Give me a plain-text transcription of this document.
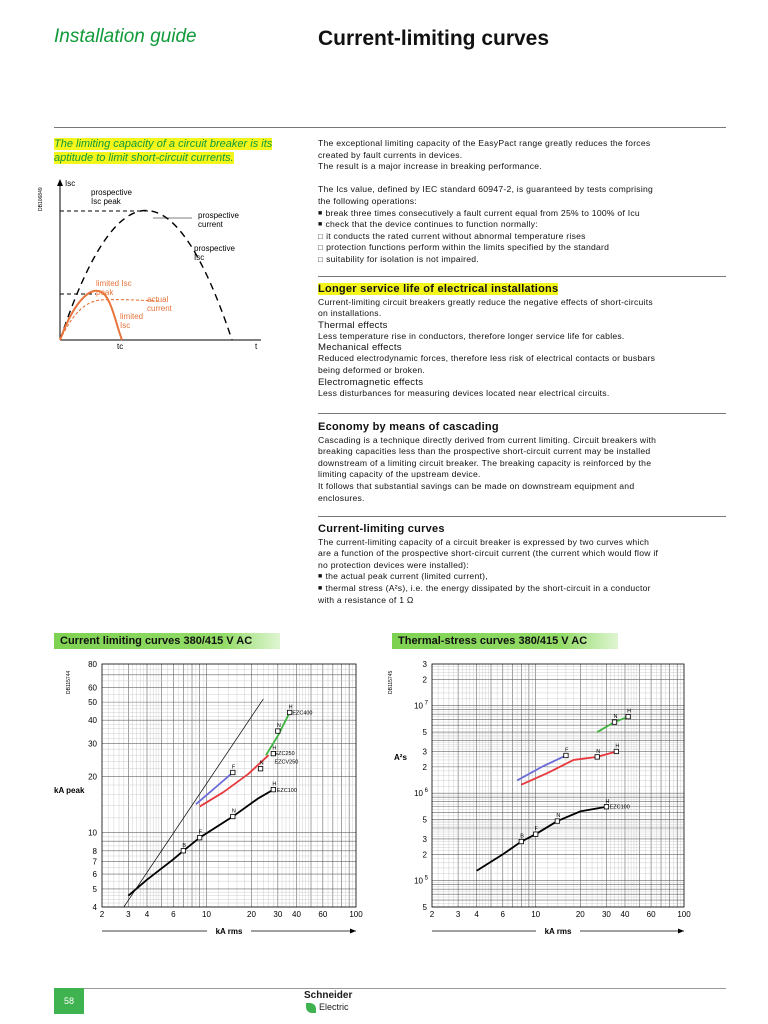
Installation guide	Current-limiting curves
The limiting capacity of a circuit breaker is its aptitude to limit short-circuit currents.

The exceptional limiting capacity of the EasyPact range greatly reduces the forces

created by fault currents in devices.

The result is a major increase in breaking performance.

The Ics value, defined by IEC standard 60947-2, is guaranteed by tests comprising

the following operations:

■ break three times consecutively a fault current equal from 25% to 100% of Icu

■ check that the device continues to function normally:

□ it conducts the rated current without abnormal temperature rises

□ protection functions perform within the limits specified by the standard

□ suitability for isolation is not impaired.

DB106849
Isc
prospective
Isc peak
prospective
current
prospective
Isc
limited Isc
peak
actual
current
limited
Isc
tc	t
Longer service life of electrical installations

Current-limiting circuit breakers greatly reduce the negative effects of short-circuits

on installations.

Thermal effects

Less temperature rise in conductors, therefore longer service life for cables.

Mechanical effects

Reduced electrodynamic forces, therefore less risk of electrical contacts or busbars

being deformed or broken.

Electromagnetic effects

Less disturbances for measuring devices located near electrical circuits.

Economy by means of cascading

Cascading is a technique directly derived from current limiting. Circuit breakers with

breaking capacities less than the prospective short-circuit current may be installed

downstream of a limiting circuit breaker. The breaking capacity is reinforced by the

limiting capacity of the upstream device.

It follows that substantial savings can be made on downstream equipment and

enclosures.

Current-limiting curves

The current-limiting capacity of a circuit breaker is expressed by two curves which

are a function of the prospective short-circuit current (the current which would flow if

no protection devices were installed):

■ the actual peak current (limited current),

■ thermal stress (A²s), i.e. the energy dissipated by the short-circuit in a conductor

with a resistance of 1 Ω

Current limiting curves 380/415 V AC	Thermal-stress curves 380/415 V AC
DB115744
2	3 4	6	10	20 30 40 60	100
4
5
6
7
8
10
20
30
40
50
60
80
kA peak
kA rms
B
F
N
H
F
N
H
N
H
EZC400
EZC250
EZCV250
EZC100
DB115745
2	3 4	6	10	20 30 40 60	100
5
10 5
2
3
5
10 6
2
3
5
10 7
2
3
A²s
kA rms
B
F
N
H
F	N
H
N
H
EZC100
58	Schneider
Electric
